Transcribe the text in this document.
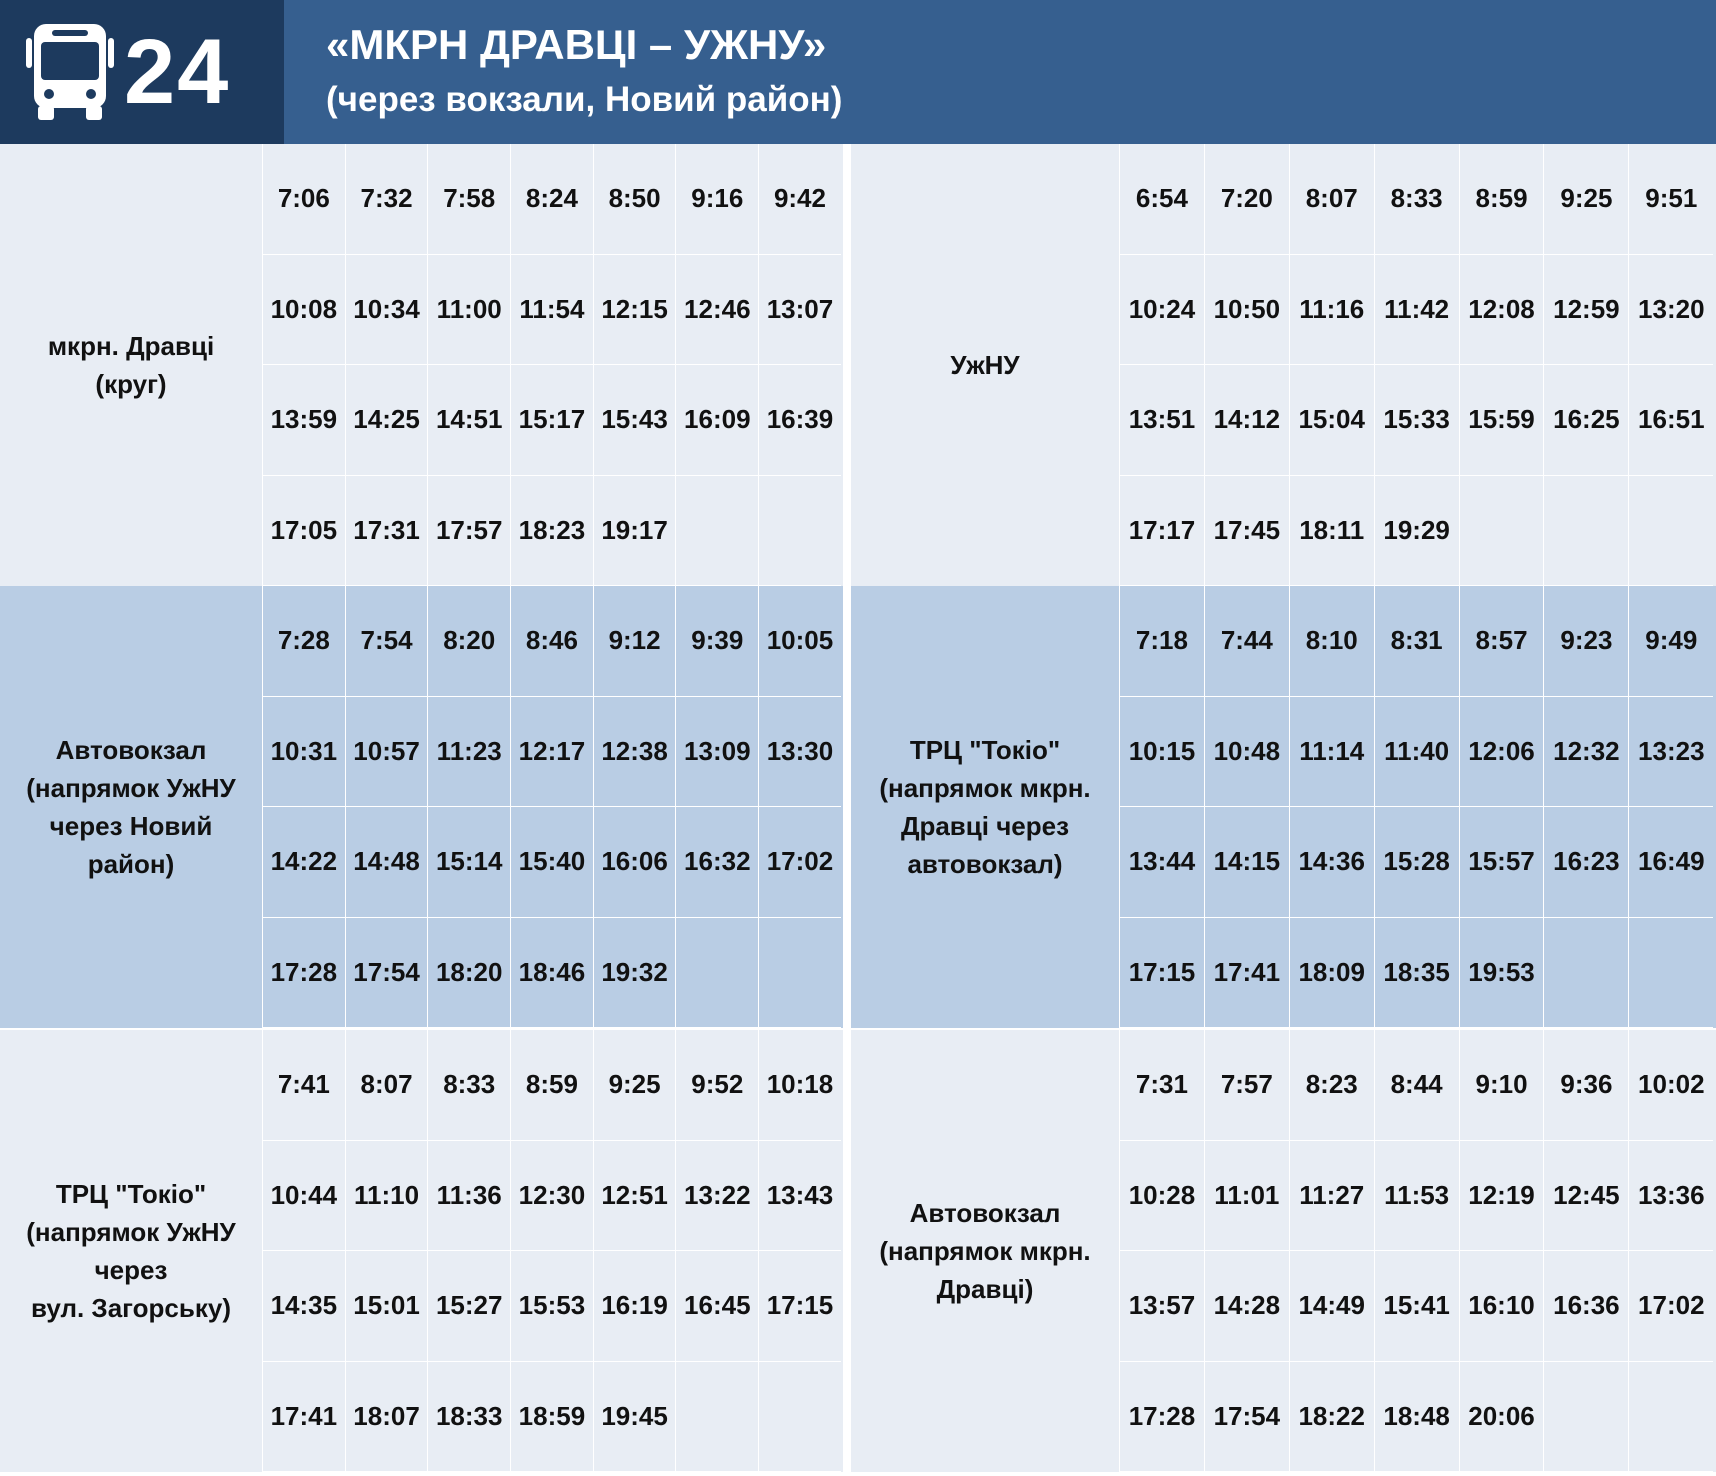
24 «МКРН ДРАВЦІ – УЖНУ»
(через вокзали, Новий район)
мкрн. Дравці
(круг)
7:06	7:32	7:58	8:24	8:50	9:16	9:42
10:08 10:34 11:00 11:54 12:15 12:46 13:07
13:59 14:25 14:51 15:17 15:43 16:09 16:39
17:05 17:31 17:57 18:23 19:17
Автовокзал
(напрямок УжНУ
через Новий
район)
7:28	7:54	8:20	8:46	9:12	9:39 10:05
10:31 10:57 11:23 12:17 12:38 13:09 13:30
14:22 14:48 15:14 15:40 16:06 16:32 17:02
17:28 17:54 18:20 18:46 19:32
ТРЦ "Токіо"
(напрямок УжНУ
через
вул. Загорську)
7:41	8:07	8:33	8:59	9:25	9:52 10:18
10:44 11:10 11:36 12:30 12:51 13:22 13:43
14:35 15:01 15:27 15:53 16:19 16:45 17:15
17:41 18:07 18:33 18:59 19:45
УжНУ
6:54	7:20	8:07	8:33	8:59	9:25	9:51
10:24 10:50 11:16 11:42 12:08 12:59 13:20
13:51 14:12 15:04 15:33 15:59 16:25 16:51
17:17 17:45 18:11 19:29
ТРЦ "Токіо"
(напрямок мкрн.
Дравці через
автовокзал)
7:18	7:44	8:10	8:31	8:57	9:23	9:49
10:15 10:48 11:14 11:40 12:06 12:32 13:23
13:44 14:15 14:36 15:28 15:57 16:23 16:49
17:15 17:41 18:09 18:35 19:53
Автовокзал
(напрямок мкрн.
Дравці)
7:31	7:57	8:23	8:44	9:10	9:36 10:02
10:28 11:01 11:27 11:53 12:19 12:45 13:36
13:57 14:28 14:49 15:41 16:10 16:36 17:02
17:28 17:54 18:22 18:48 20:06
